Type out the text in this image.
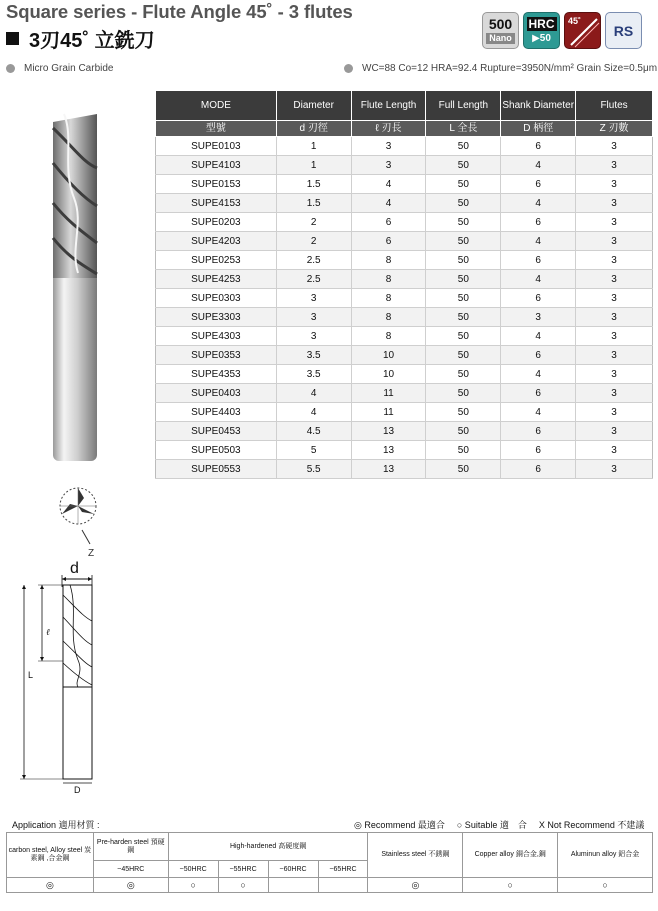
Square series - Flute Angle 45˚ - 3 flutes
3刃45˚ 立銑刀
500
Nano
HRC
▶50
45˚
RS
Micro Grain Carbide	WC=88 Co=12 HRA=92.4 Rupture=3950N/mm² Grain Size=0.5μm
Z
d
ℓ
L
D
MODE	Diameter	Flute Length	Full Length	Shank Diameter	Flutes
型號	d 刃徑	ℓ 刃長	L 全長	D 柄徑	Z 刃數
SUPE0103	1	3	50	6	3
SUPE4103	1	3	50	4	3
SUPE0153	1.5	4	50	6	3
SUPE4153	1.5	4	50	4	3
SUPE0203	2	6	50	6	3
SUPE4203	2	6	50	4	3
SUPE0253	2.5	8	50	6	3
SUPE4253	2.5	8	50	4	3
SUPE0303	3	8	50	6	3
SUPE3303	3	8	50	3	3
SUPE4303	3	8	50	4	3
SUPE0353	3.5	10	50	6	3
SUPE4353	3.5	10	50	4	3
SUPE0403	4	11	50	6	3
SUPE4403	4	11	50	4	3
SUPE0453	4.5	13	50	6	3
SUPE0503	5	13	50	6	3
SUPE0553	5.5	13	50	6	3
Application 適用材質 :	◎ Recommend 最適合 ○ Suitable 適　合 X Not Recommend 不建議
carbon steel, Alloy steel 炭素鋼 ,合金鋼	Pre-harden steel 預硬鋼	High-hardened 高硬度鋼				Stainless steel 不銹鋼	Copper alloy 銅合金,鋼	Aluminun alloy 鋁合金
	~45HRC	~50HRC	~55HRC	~60HRC	~65HRC			
◎	◎	○	○			◎	○	○
